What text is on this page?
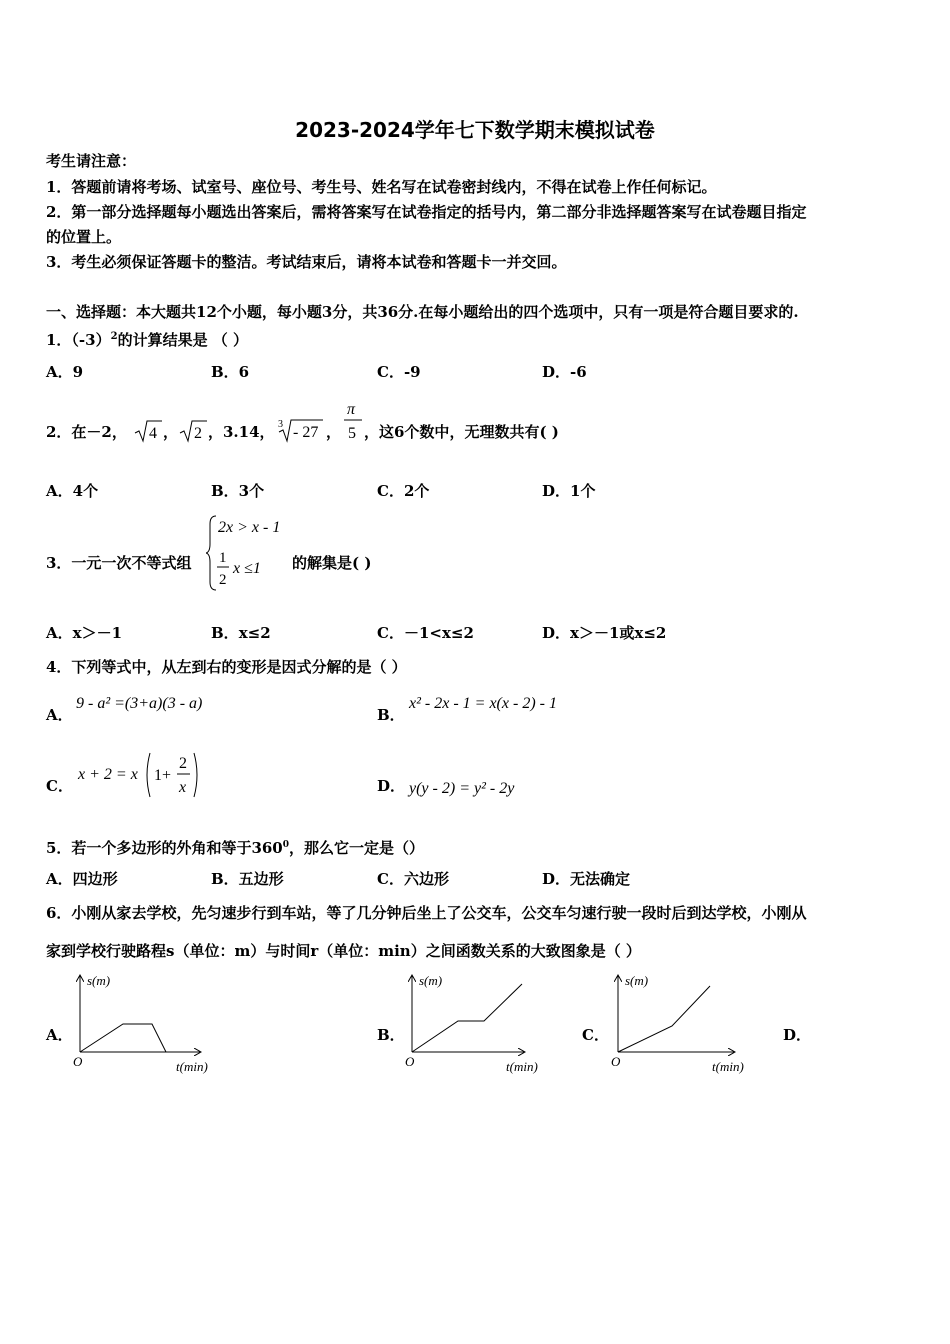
2023-2024学年七下数学期末模拟试卷
考生请注意：
1．答题前请将考场、试室号、座位号、考生号、姓名写在试卷密封线内，不得在试卷上作任何标记。
2．第一部分选择题每小题选出答案后，需将答案写在试卷指定的括号内，第二部分非选择题答案写在试卷题目指定
的位置上。
3．考生必须保证答题卡的整洁。考试结束后，请将本试卷和答题卡一并交回。
一、选择题：本大题共12个小题，每小题3分，共36分.在每小题给出的四个选项中，只有一项是符合题目要求的.
1．$(-3)^2$的计算结果是 （ ）
A．9	B．6	C．-9	D．-6
2．在－2， 4 ， 2 ，3.14， 3 - 27 ，
π
5 ，这6个数中，无理数共有( )
A．4个	B．3个	C．2个	D．1个
3．一元一次不等式组
2x > x - 1
1
2
x ≤1 的解集是( )
A．x＞－1	B．x≤2	C．－1<x≤2	D．x＞－1或x≤2
4．下列等式中，从左到右的变形是因式分解的是（ ）
A．
9 - a² =(3+a)(3 - a)
B．
x² - 2x - 1 = x(x - 2) - 1
C．
x + 2 = x 1+
2
x	D． y(y - 2) = y² - 2y
5．若一个多边形的外角和等于$360^0$，那么它一定是（）
A．四边形	B．五边形	C．六边形	D．无法确定
6．小刚从家去学校，先匀速步行到车站，等了几分钟后坐上了公交车，公交车匀速行驶一段时后到达学校，小刚从
家到学校行驶路程s（单位：m）与时间r（单位：min）之间函数关系的大致图象是（ ）
A．
s(m)
t(min)
O
B．
s(m)
t(min)
O
C．
s(m)
t(min)
O
D．
